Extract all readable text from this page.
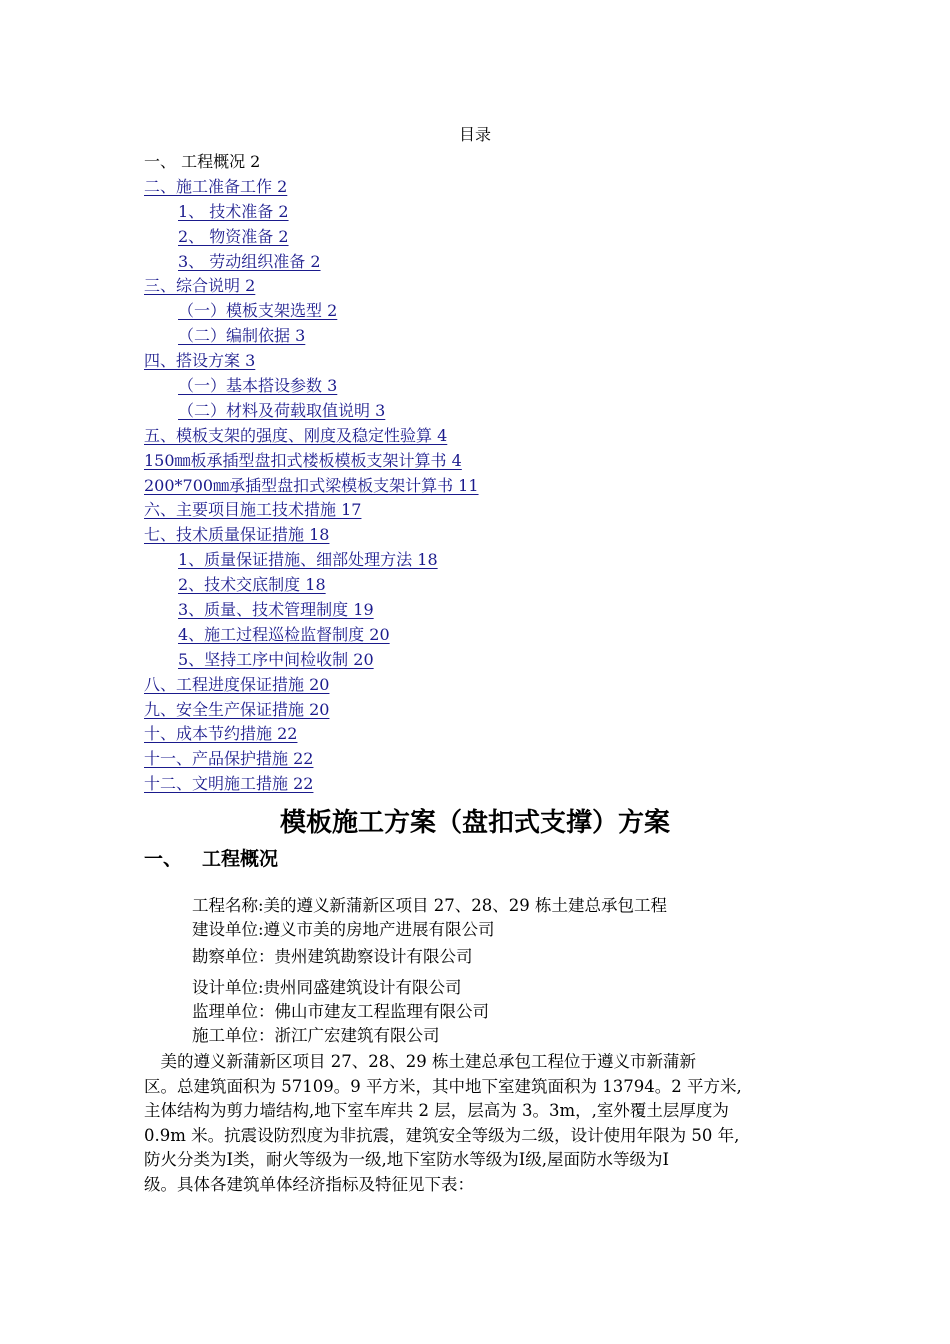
目录
一、 工程概况 2
二、施工准备工作 2
1、 技术准备 2
2、 物资准备 2
3、 劳动组织准备 2
三、综合说明 2
（一）模板支架选型 2
（二）编制依据 3
四、搭设方案 3
（一）基本搭设参数 3
（二）材料及荷载取值说明 3
五、模板支架的强度、刚度及稳定性验算 4
150㎜板承插型盘扣式楼板模板支架计算书 4
200*700㎜承插型盘扣式梁模板支架计算书 11
六、主要项目施工技术措施 17
七、技术质量保证措施 18
1、质量保证措施、细部处理方法 18
2、技术交底制度 18
3、质量、技术管理制度 19
4、施工过程巡检监督制度 20
5、坚持工序中间检收制 20
八、工程进度保证措施 20
九、安全生产保证措施 20
十、成本节约措施 22
十一、产品保护措施 22
十二、文明施工措施 22
模板施工方案（盘扣式支撑）方案
一、 工程概况
工程名称:美的遵义新蒲新区项目 27、28、29 栋土建总承包工程
建设单位:遵义市美的房地产进展有限公司
勘察单位：贵州建筑勘察设计有限公司
设计单位:贵州同盛建筑设计有限公司
监理单位：佛山市建友工程监理有限公司
施工单位：浙江广宏建筑有限公司
　美的遵义新蒲新区项目 27、28、29 栋土建总承包工程位于遵义市新蒲新
区。总建筑面积为 57109。9 平方米，其中地下室建筑面积为 13794。2 平方米,
主体结构为剪力墙结构,地下室车库共 2 层，层高为 3。3m，,室外覆土层厚度为
0.9m 米。抗震设防烈度为非抗震，建筑安全等级为二级，设计使用年限为 50 年,
防火分类为Ⅰ类，耐火等级为一级,地下室防水等级为Ⅰ级,屋面防水等级为Ⅰ
级。具体各建筑单体经济指标及特征见下表：
